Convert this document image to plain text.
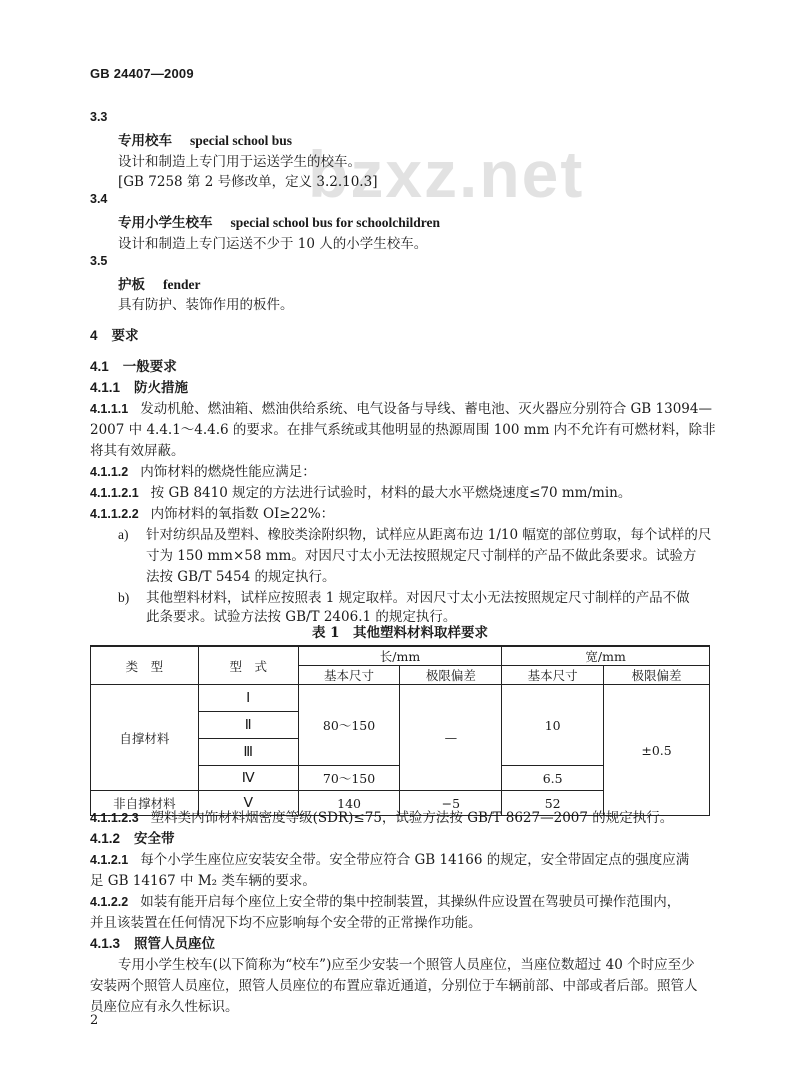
bzxz.net
GB 24407—2009
3.3
专用校车 special school bus
设计和制造上专门用于运送学生的校车。
[GB 7258 第 2 号修改单，定义 3.2.10.3]
3.4
专用小学生校车 special school bus for schoolchildren
设计和制造上专门运送不少于 10 人的小学生校车。
3.5
护板 fender
具有防护、装饰作用的板件。
4 要求
4.1 一般要求
4.1.1 防火措施
4.1.1.1 发动机舱、燃油箱、燃油供给系统、电气设备与导线、蓄电池、灭火器应分别符合 GB 13094—
2007 中 4.4.1～4.4.6 的要求。在排气系统或其他明显的热源周围 100 mm 内不允许有可燃材料，除非
将其有效屏蔽。
4.1.1.2 内饰材料的燃烧性能应满足：
4.1.1.2.1 按 GB 8410 规定的方法进行试验时，材料的最大水平燃烧速度≤70 mm/min。
4.1.1.2.2 内饰材料的氧指数 OI≥22%：
a) 针对纺织品及塑料、橡胶类涂附织物，试样应从距离布边 1/10 幅宽的部位剪取，每个试样的尺
寸为 150 mm×58 mm。对因尺寸太小无法按照规定尺寸制样的产品不做此条要求。试验方
法按 GB/T 5454 的规定执行。
b) 其他塑料材料，试样应按照表 1 规定取样。对因尺寸太小无法按照规定尺寸制样的产品不做
此条要求。试验方法按 GB/T 2406.1 的规定执行。
表 1　其他塑料材料取样要求
类　型	型　式	长/mm		宽/mm	
		基本尺寸	极限偏差	基本尺寸	极限偏差
自撑材料	Ⅰ	80～150	—	10	±0.5
	Ⅱ				
	Ⅲ				
	Ⅳ	70～150		6.5	
非自撑材料	Ⅴ	140	−5	52	
4.1.1.2.3 塑料类内饰材料烟密度等级(SDR)≤75，试验方法按 GB/T 8627—2007 的规定执行。
4.1.2 安全带
4.1.2.1 每个小学生座位应安装安全带。安全带应符合 GB 14166 的规定，安全带固定点的强度应满
足 GB 14167 中 M₂ 类车辆的要求。
4.1.2.2 如装有能开启每个座位上安全带的集中控制装置，其操纵件应设置在驾驶员可操作范围内，
并且该装置在任何情况下均不应影响每个安全带的正常操作功能。
4.1.3 照管人员座位
专用小学生校车(以下简称为“校车”)应至少安装一个照管人员座位，当座位数超过 40 个时应至少
安装两个照管人员座位，照管人员座位的布置应靠近通道，分别位于车辆前部、中部或者后部。照管人
员座位应有永久性标识。
2
